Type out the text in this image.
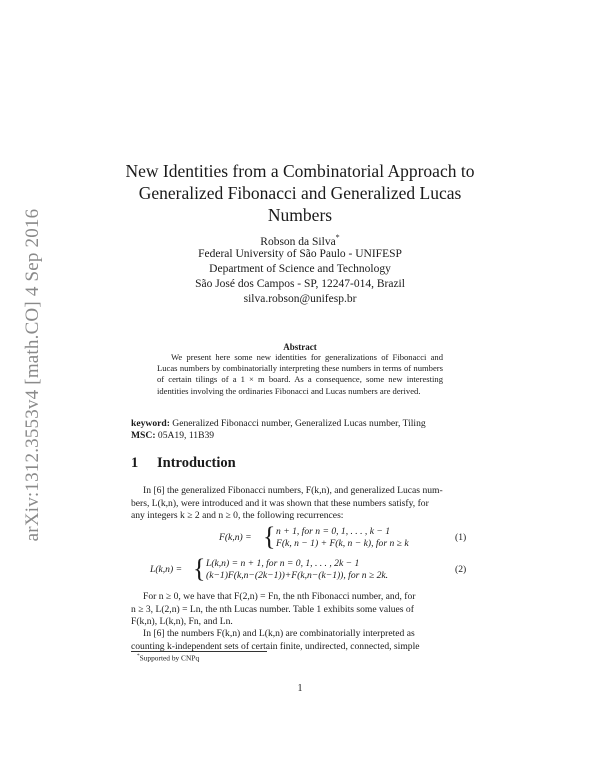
arXiv:1312.3553v4 [math.CO] 4 Sep 2016
New Identities from a Combinatorial Approach to
Generalized Fibonacci and Generalized Lucas
Numbers
Robson da Silva*
Federal University of São Paulo - UNIFESP
Department of Science and Technology
São José dos Campos - SP, 12247-014, Brazil
silva.robson@unifesp.br
Abstract
We present here some new identities for generalizations of Fibonacci and Lucas numbers by combinatorially interpreting these numbers in terms of numbers of certain tilings of a 1 × m board. As a consequence, some new interesting identities involving the ordinaries Fibonacci and Lucas numbers are derived.
keyword: Generalized Fibonacci number, Generalized Lucas number, Tiling
MSC: 05A19, 11B39
1 Introduction
In [6] the generalized Fibonacci numbers, F(k,n), and generalized Lucas num-
bers, L(k,n), were introduced and it was shown that these numbers satisfy, for
any integers k ≥ 2 and n ≥ 0, the following recurrences:
F(k,n) = { n + 1, for n = 0, 1, . . . , k − 1
F(k, n − 1) + F(k, n − k), for n ≥ k
(1)
L(k,n) = { L(k,n) = n + 1, for n = 0, 1, . . . , 2k − 1
(k−1)F(k,n−(2k−1))+F(k,n−(k−1)), for n ≥ 2k.
(2)
For n ≥ 0, we have that F(2,n) = Fn, the nth Fibonacci number, and, for
n ≥ 3, L(2,n) = Ln, the nth Lucas number. Table 1 exhibits some values of
F(k,n), L(k,n), Fn, and Ln.
In [6] the numbers F(k,n) and L(k,n) are combinatorially interpreted as
counting k-independent sets of certain finite, undirected, connected, simple
*Supported by CNPq
1
